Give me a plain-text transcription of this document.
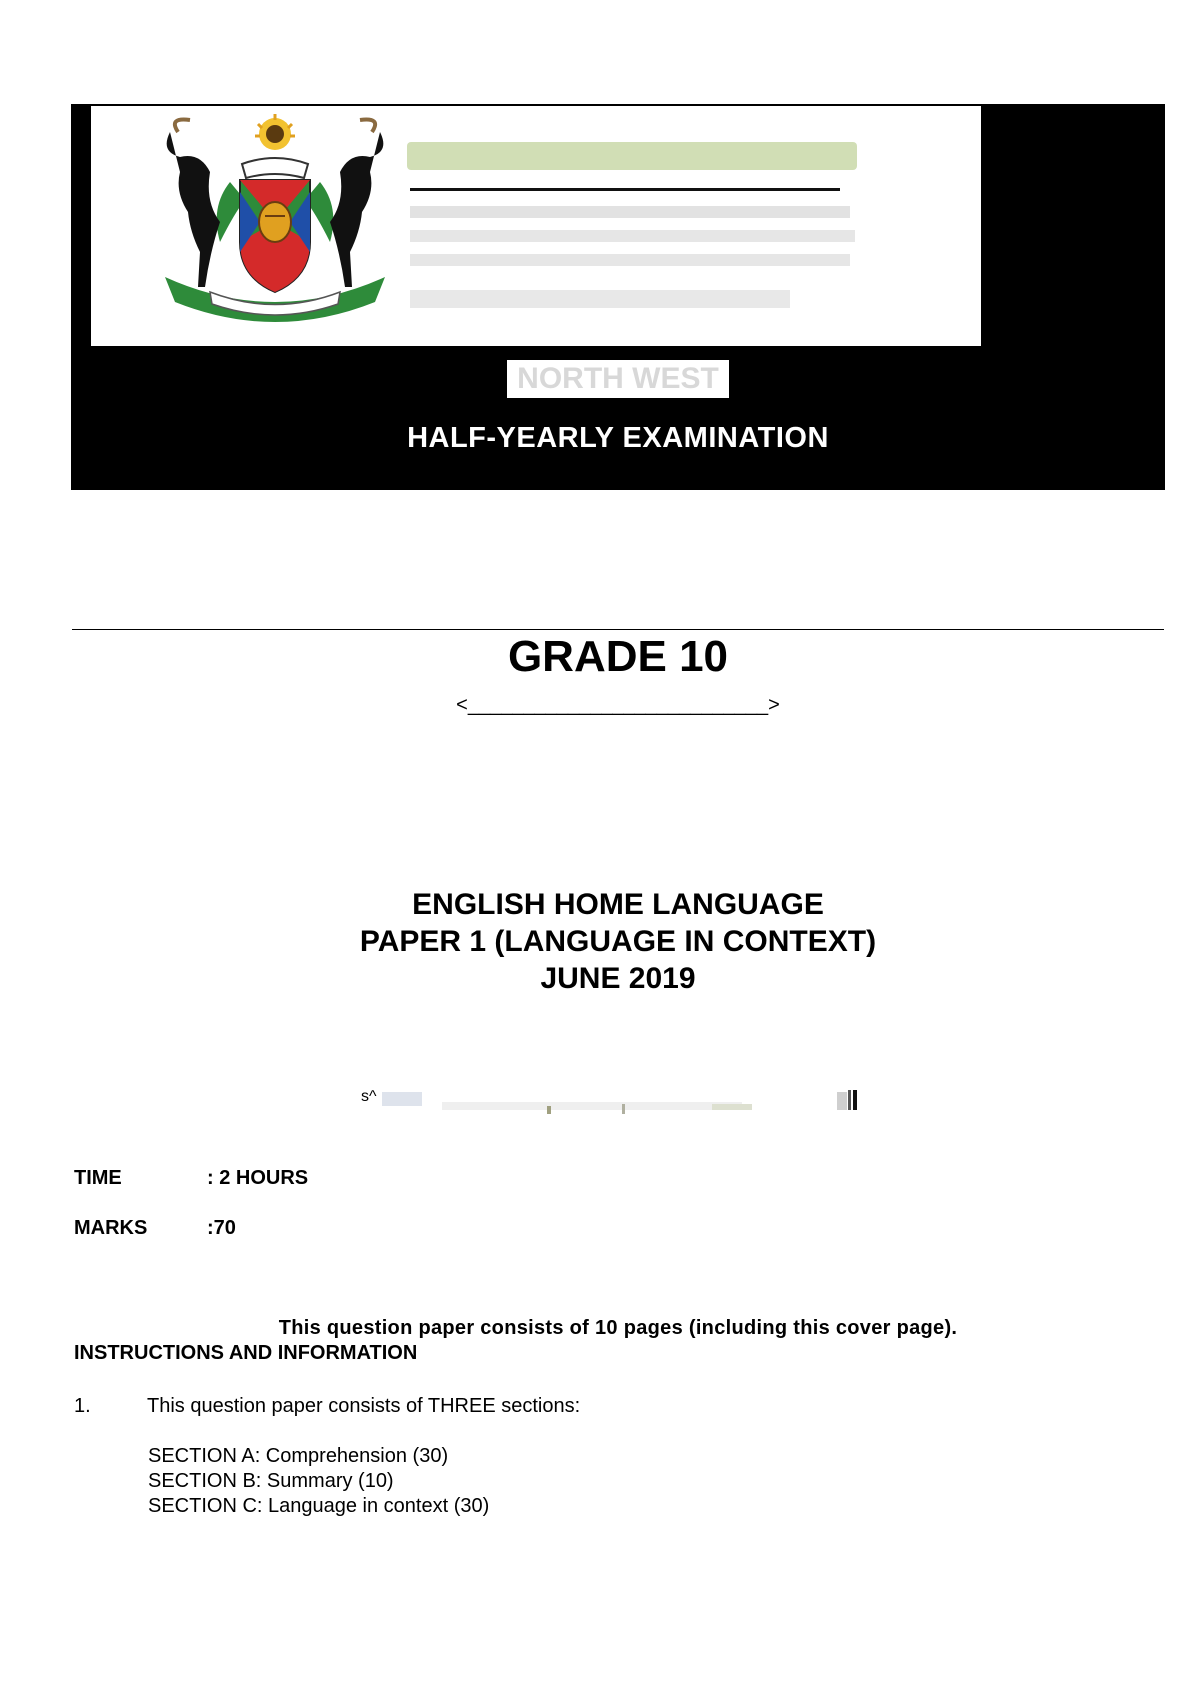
NORTH WEST
HALF-YEARLY EXAMINATION
GRADE 10
<___________________________>
ENGLISH HOME LANGUAGE
PAPER 1 (LANGUAGE IN CONTEXT)
JUNE 2019
s^
TIME	: 2 HOURS
MARKS	:70
This question paper consists of 10 pages (including this cover page).
INSTRUCTIONS AND INFORMATION
1.	This question paper consists of THREE sections:
SECTION A: Comprehension (30)
SECTION B: Summary (10)
SECTION C: Language in context (30)
